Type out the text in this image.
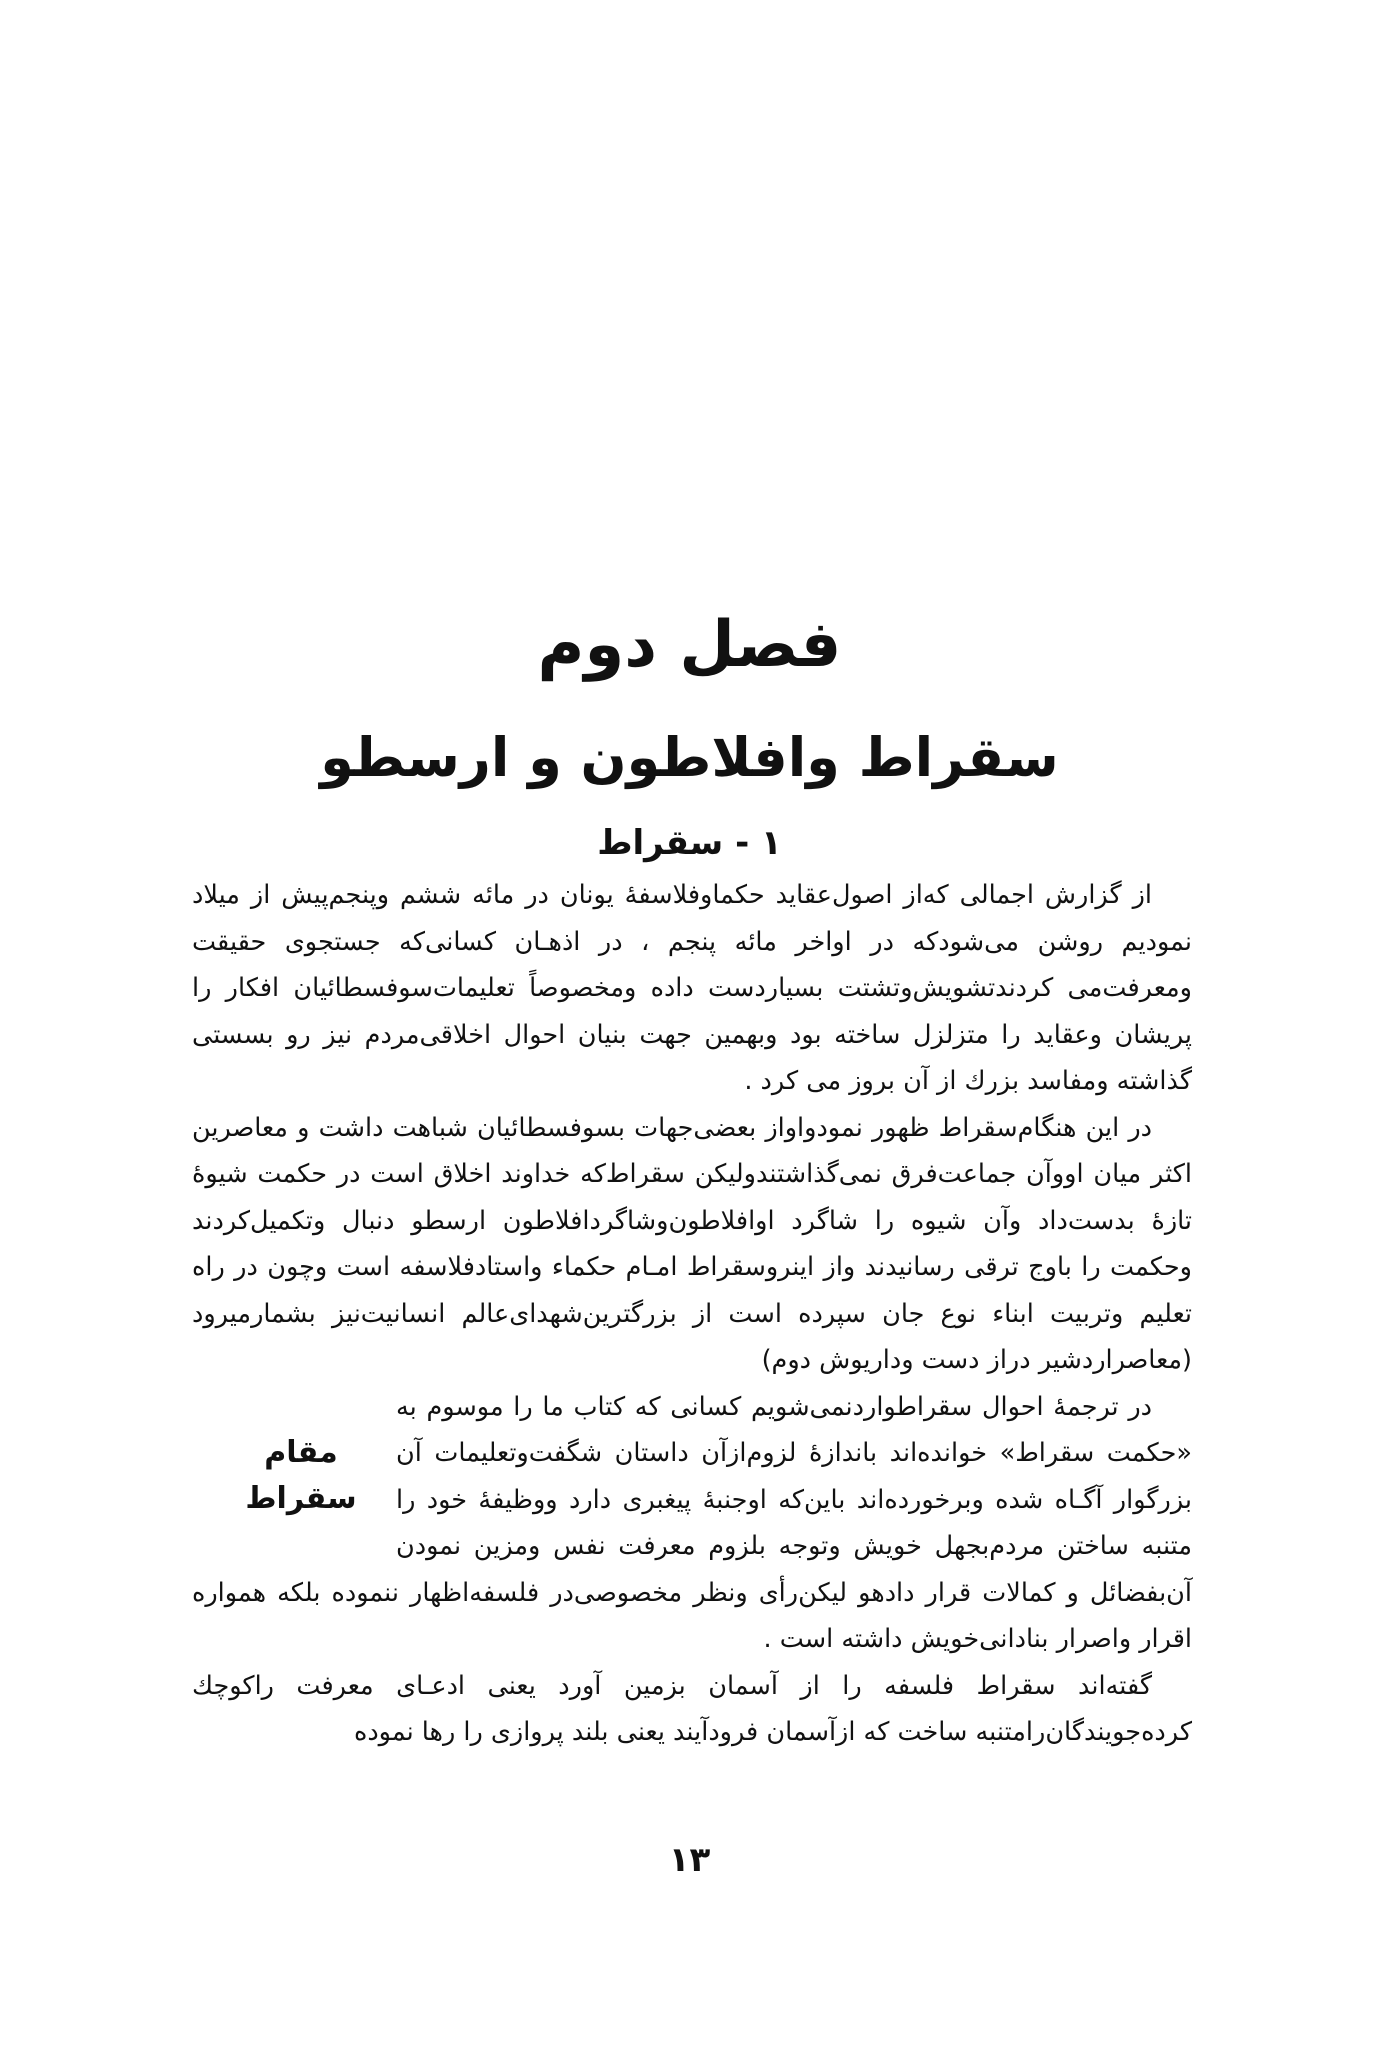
فصل دوم
سقراط وافلاطون و ارسطو
۱ - سقراط

از گزارش اجمالی که‌از اصول‌عقاید حکماوفلاسفهٔ یونان در مائه ششم وپنجم‌پیش از میلاد نمودیم روشن می‌شودکه در اواخر مائه پنجم ، در اذهـان کسانی‌که جستجوی حقیقت ومعرفت‌می کردندتشویش‌وتشتت بسیاردست داده ومخصوصاً تعلیمات‌سوفسطائیان افکار را پریشان وعقاید را متزلزل ساخته بود وبهمین جهت بنیان احوال اخلاقی‌مردم نیز رو بسستی گذاشته ومفاسد بزرك از آن بروز می کرد .

در این هنگام‌سقراط ظهور نمودواواز بعضی‌جهات بسوفسطائیان شباهت داشت و معاصرین اکثر میان اووآن جماعت‌فرق نمی‌گذاشتندولیکن سقراط‌که خداوند اخلاق است در حکمت شیوهٔ تازهٔ بدست‌داد وآن شیوه را شاگرد اوافلاطون‌وشاگردافلاطون ارسطو دنبال وتکمیل‌کردند وحکمت را باوج ترقی رسانیدند واز اینروسقراط امـام حکماء واستادفلاسفه است وچون در راه تعلیم وتربیت ابناء نوع جان سپرده است از بزرگترین‌شهدای‌عالم انسانیت‌نیز بشمارمیرود (معاصراردشیر دراز دست وداریوش دوم)

مقام سقراط

در ترجمهٔ احوال سقراطواردنمی‌شویم کسانی که کتاب ما را موسوم به «حکمت سقراط» خوانده‌اند باندازهٔ لزوم‌ازآن داستان شگفت‌وتعلیمات آن بزرگوار آگـاه شده وبرخورده‌اند باین‌که اوجنبهٔ پیغبری دارد ووظیفهٔ خود را متنبه ساختن مردم‌بجهل خویش وتوجه بلزوم معرفت نفس ومزین نمودن آن‌بفضائل و کمالات قرار دادهو لیکن‌رأی ونظر مخصوصی‌در فلسفه‌اظهار ننموده بلکه همواره اقرار واصرار بنادانی‌خویش داشته است .

گفته‌اند سقراط فلسفه را از آسمان بزمین آورد یعنی ادعـای معرفت راکوچك کرده‌جویندگان‌رامتنبه ساخت که ازآسمان فرودآیند یعنی بلند پروازی را رها نموده

۱۳
